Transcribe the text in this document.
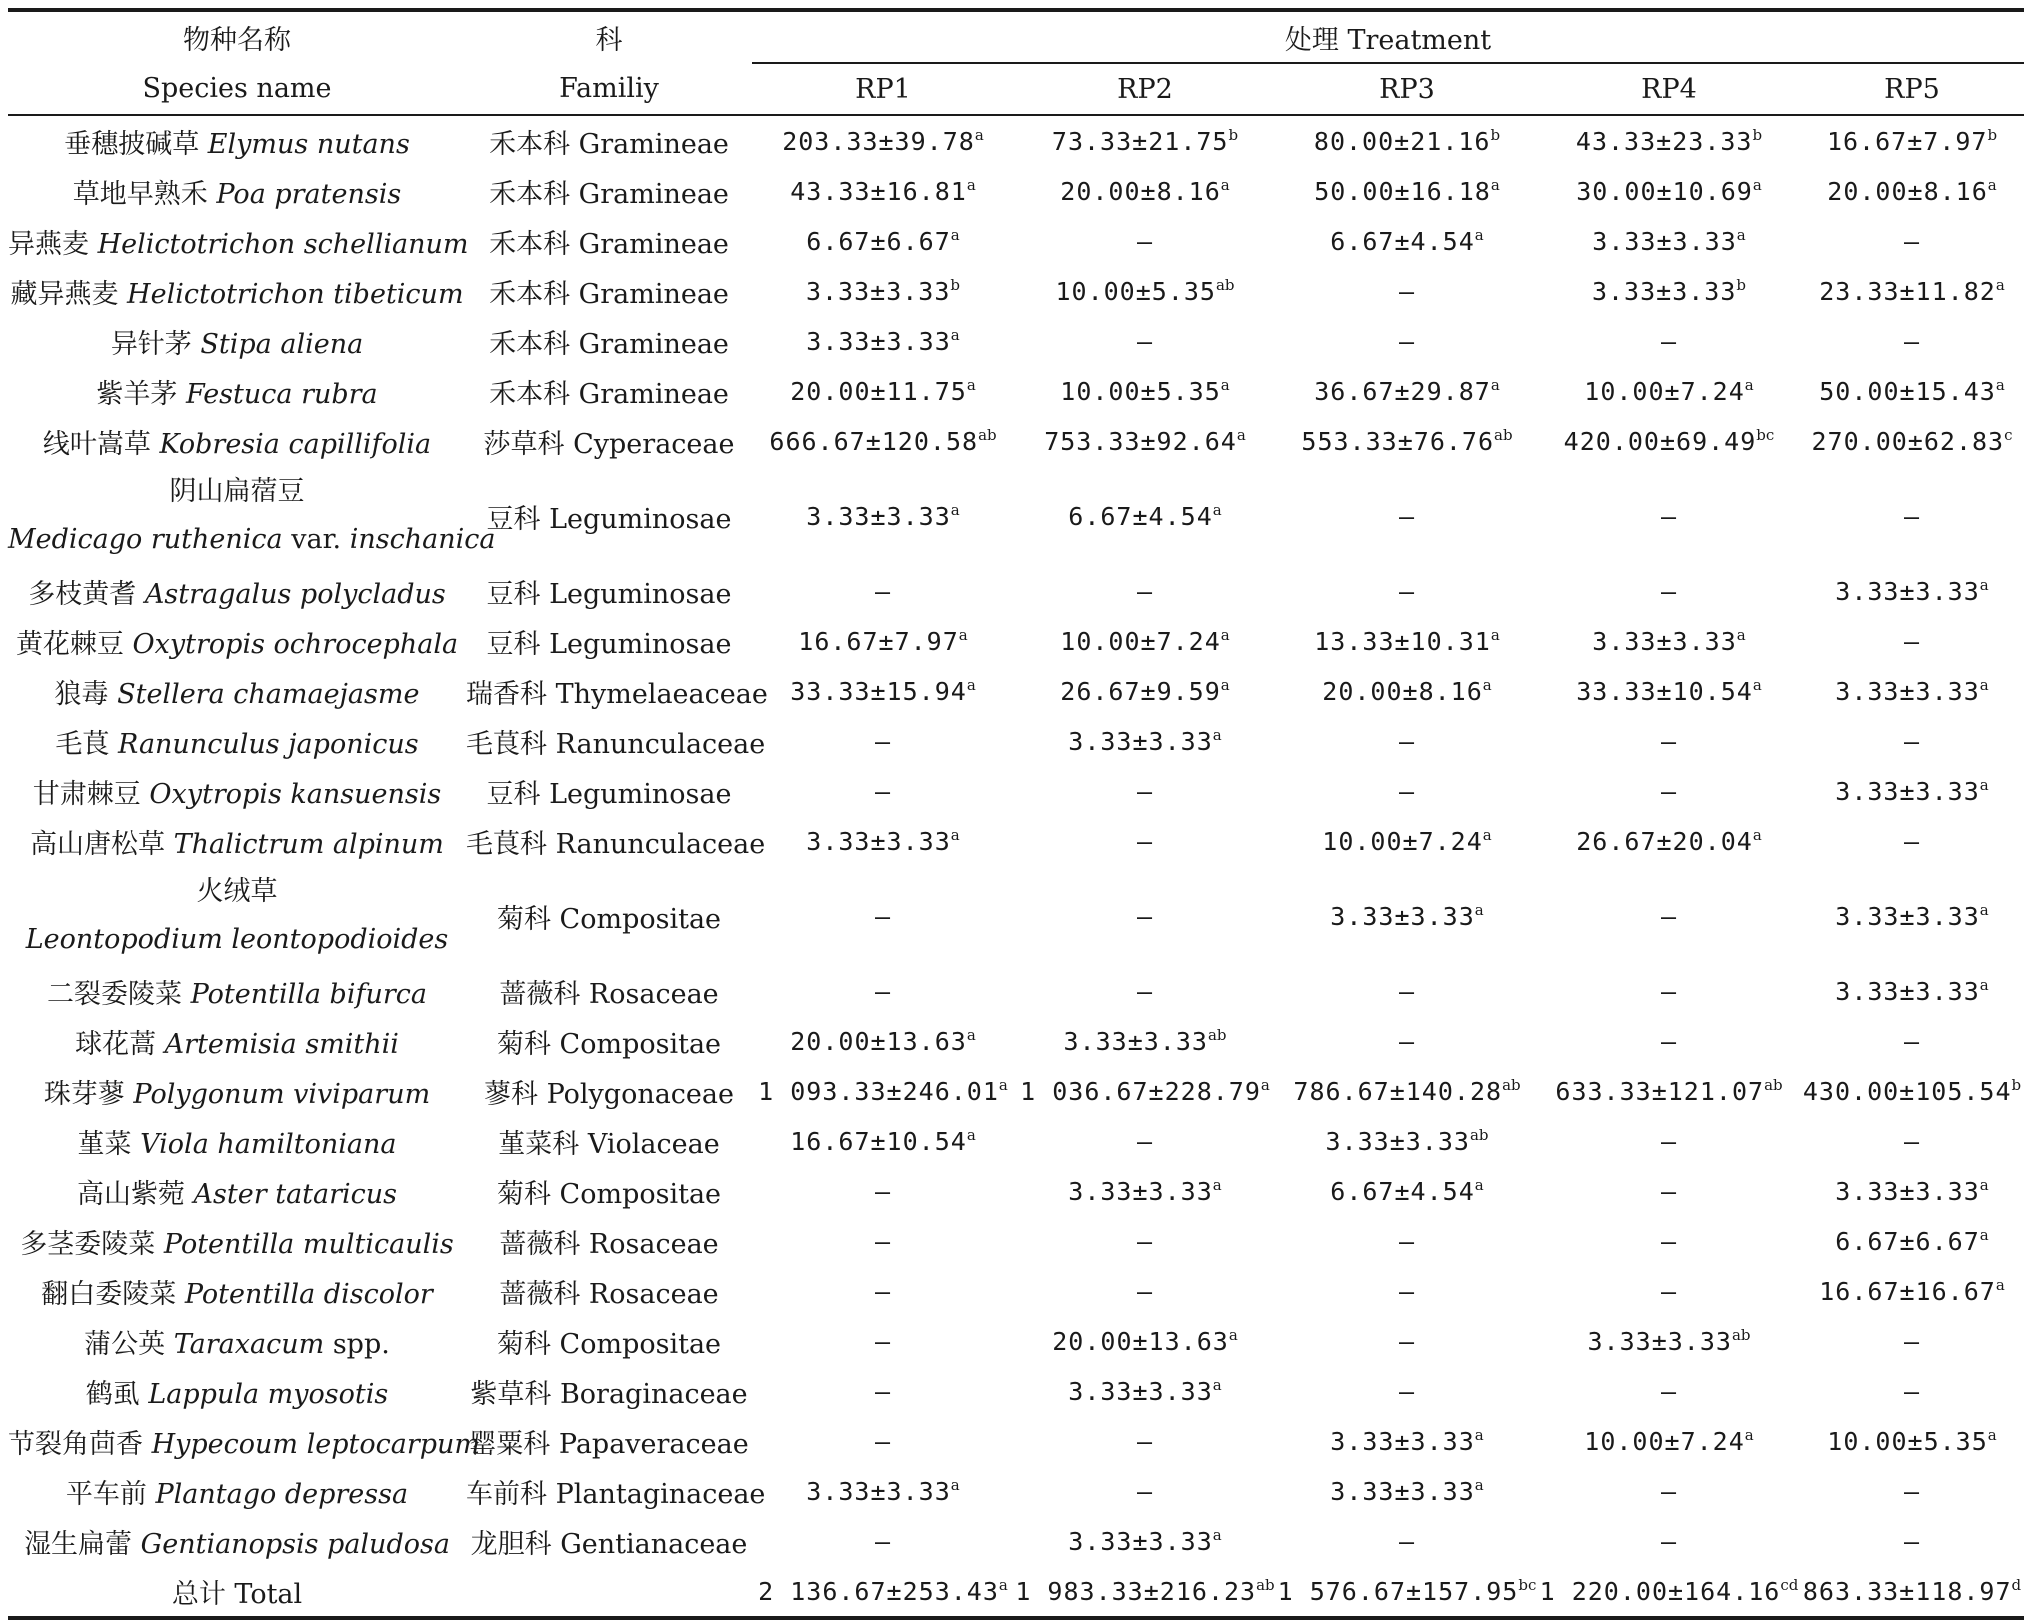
物种名称	科	处理 Treatment				
Species name	Familiy	RP1	RP2	RP3	RP4	RP5
垂穗披碱草 Elymus nutans	禾本科 Gramineae	203.33±39.78$^a$	73.33±21.75$^b$	80.00±21.16$^b$	43.33±23.33$^b$	16.67±7.97$^b$
草地早熟禾 Poa pratensis	禾本科 Gramineae	43.33±16.81$^a$	20.00±8.16$^a$	50.00±16.18$^a$	30.00±10.69$^a$	20.00±8.16$^a$
异燕麦 Helictotrichon schellianum	禾本科 Gramineae	6.67±6.67$^a$	—	6.67±4.54$^a$	3.33±3.33$^a$	—
藏异燕麦 Helictotrichon tibeticum	禾本科 Gramineae	3.33±3.33$^b$	10.00±5.35$^{ab}$	—	3.33±3.33$^b$	23.33±11.82$^a$
异针茅 Stipa aliena	禾本科 Gramineae	3.33±3.33$^a$	—	—	—	—
紫羊茅 Festuca rubra	禾本科 Gramineae	20.00±11.75$^a$	10.00±5.35$^a$	36.67±29.87$^a$	10.00±7.24$^a$	50.00±15.43$^a$
线叶嵩草 Kobresia capillifolia	莎草科 Cyperaceae	666.67±120.58$^{ab}$	753.33±92.64$^a$	553.33±76.76$^{ab}$	420.00±69.49$^{bc}$	270.00±62.83$^c$

阴山扁蓿豆
Medicago ruthenica var. inschanica	豆科 Leguminosae	3.33±3.33$^a$	6.67±4.54$^a$	—	—	—
多枝黄耆 Astragalus polycladus	豆科 Leguminosae	—	—	—	—	3.33±3.33$^a$
黄花棘豆 Oxytropis ochrocephala	豆科 Leguminosae	16.67±7.97$^a$	10.00±7.24$^a$	13.33±10.31$^a$	3.33±3.33$^a$	—
狼毒 Stellera chamaejasme	瑞香科 Thymelaeaceae	33.33±15.94$^a$	26.67±9.59$^a$	20.00±8.16$^a$	33.33±10.54$^a$	3.33±3.33$^a$
毛茛 Ranunculus japonicus	毛茛科 Ranunculaceae	—	3.33±3.33$^a$	—	—	—
甘肃棘豆 Oxytropis kansuensis	豆科 Leguminosae	—	—	—	—	3.33±3.33$^a$
高山唐松草 Thalictrum alpinum	毛茛科 Ranunculaceae	3.33±3.33$^a$	—	10.00±7.24$^a$	26.67±20.04$^a$	—

火绒草
Leontopodium leontopodioides	菊科 Compositae	—	—	3.33±3.33$^a$	—	3.33±3.33$^a$
二裂委陵菜 Potentilla bifurca	蔷薇科 Rosaceae	—	—	—	—	3.33±3.33$^a$
球花蒿 Artemisia smithii	菊科 Compositae	20.00±13.63$^a$	3.33±3.33$^{ab}$	—	—	—
珠芽蓼 Polygonum viviparum	蓼科 Polygonaceae	1 093.33±246.01$^a$	1 036.67±228.79$^a$	786.67±140.28$^{ab}$	633.33±121.07$^{ab}$	430.00±105.54$^b$
堇菜 Viola hamiltoniana	堇菜科 Violaceae	16.67±10.54$^a$	—	3.33±3.33$^{ab}$	—	—
高山紫菀 Aster tataricus	菊科 Compositae	—	3.33±3.33$^a$	6.67±4.54$^a$	—	3.33±3.33$^a$
多茎委陵菜 Potentilla multicaulis	蔷薇科 Rosaceae	—	—	—	—	6.67±6.67$^a$
翻白委陵菜 Potentilla discolor	蔷薇科 Rosaceae	—	—	—	—	16.67±16.67$^a$
蒲公英 Taraxacum spp.	菊科 Compositae	—	20.00±13.63$^a$	—	3.33±3.33$^{ab}$	—
鹤虱 Lappula myosotis	紫草科 Boraginaceae	—	3.33±3.33$^a$	—	—	—
节裂角茴香 Hypecoum leptocarpum	罂粟科 Papaveraceae	—	—	3.33±3.33$^a$	10.00±7.24$^a$	10.00±5.35$^a$
平车前 Plantago depressa	车前科 Plantaginaceae	3.33±3.33$^a$	—	3.33±3.33$^a$	—	—
湿生扁蕾 Gentianopsis paludosa	龙胆科 Gentianaceae	—	3.33±3.33$^a$	—	—	—
总计 Total		2 136.67±253.43$^a$	1 983.33±216.23$^{ab}$	1 576.67±157.95$^{bc}$	1 220.00±164.16$^{cd}$	863.33±118.97$^d$
